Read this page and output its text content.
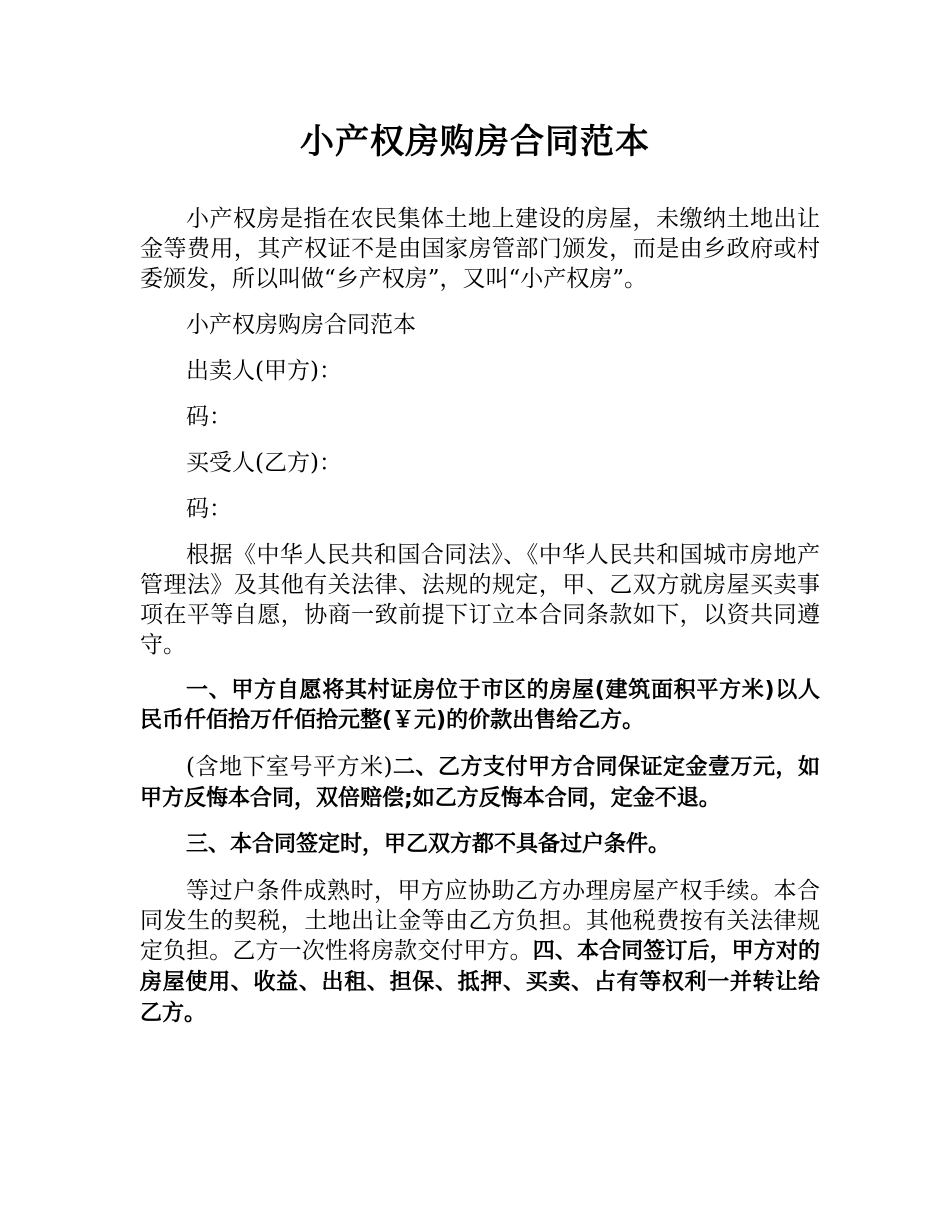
小产权房购房合同范本

小产权房是指在农民集体土地上建设的房屋，未缴纳土地出让金等费用，其产权证不是由国家房管部门颁发，而是由乡政府或村委颁发，所以叫做“乡产权房”，又叫“小产权房”。

小产权房购房合同范本

出卖人(甲方)：

码：

买受人(乙方)：

码：

根据《中华人民共和国合同法》、《中华人民共和国城市房地产管理法》及其他有关法律、法规的规定，甲、乙双方就房屋买卖事项在平等自愿，协商一致前提下订立本合同条款如下，以资共同遵守。

一、甲方自愿将其村证房位于市区的房屋(建筑面积平方米)以人民币仟佰拾万仟佰拾元整(￥元)的价款出售给乙方。

(含地下室号平方米)二、乙方支付甲方合同保证定金壹万元，如甲方反悔本合同，双倍赔偿;如乙方反悔本合同，定金不退。

三、本合同签定时，甲乙双方都不具备过户条件。

等过户条件成熟时，甲方应协助乙方办理房屋产权手续。本合同发生的契税，土地出让金等由乙方负担。其他税费按有关法律规定负担。乙方一次性将房款交付甲方。四、本合同签订后，甲方对的房屋使用、收益、出租、担保、抵押、买卖、占有等权利一并转让给乙方。
